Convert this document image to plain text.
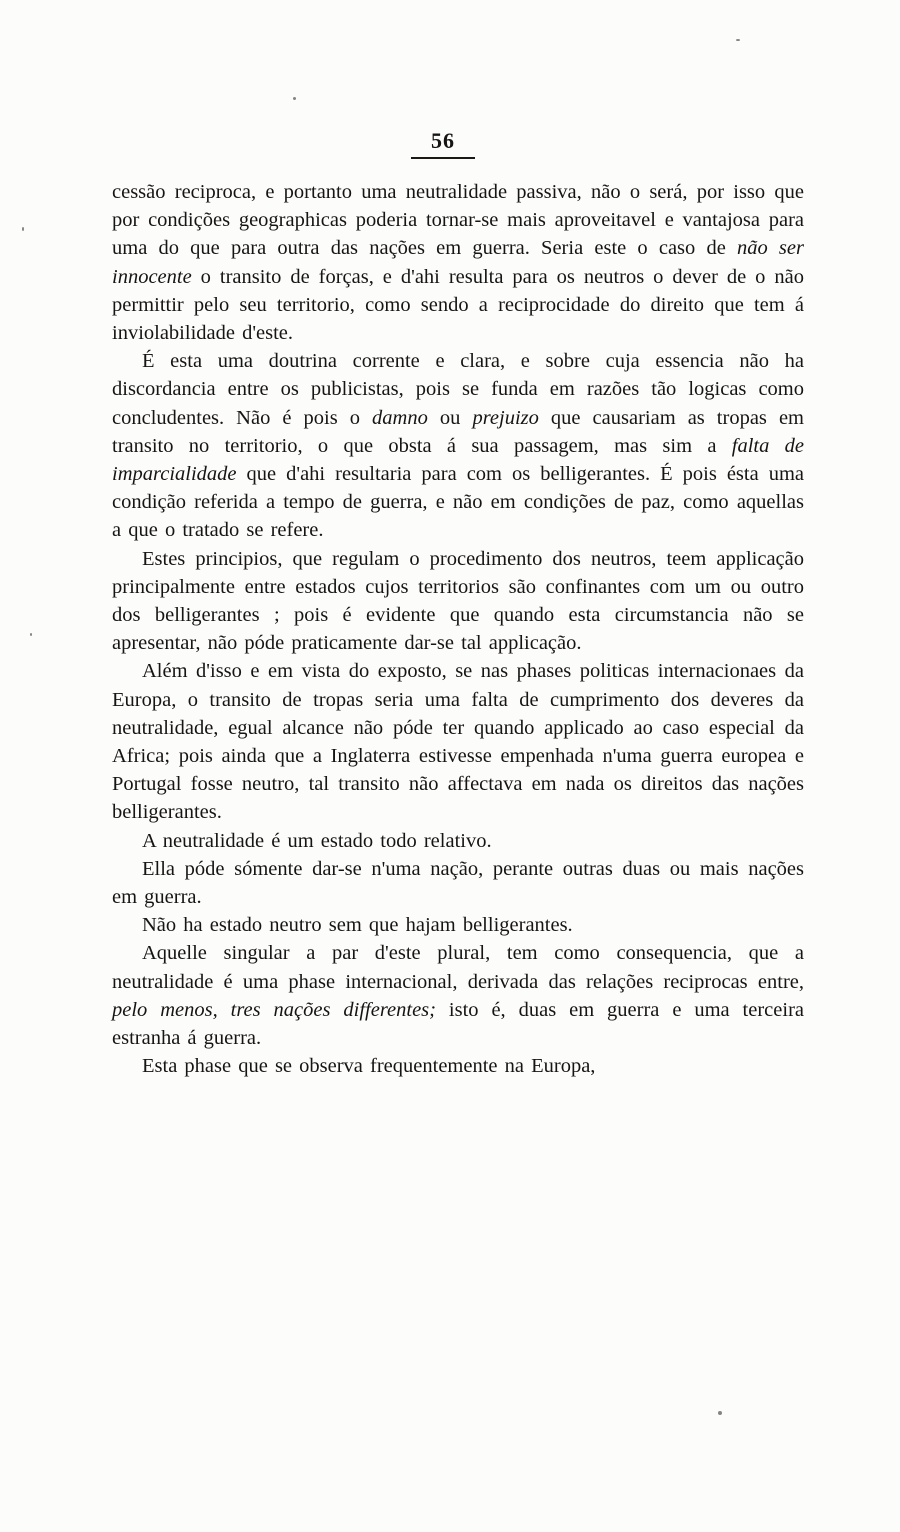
56

cessão reciproca, e portanto uma neutralidade passiva, não o será, por isso que por condições geographicas poderia tornar-se mais aproveitavel e vantajosa para uma do que para outra das nações em guerra. Seria este o caso de não ser innocente o transito de forças, e d'ahi resulta para os neutros o dever de o não permittir pelo seu territorio, como sendo a reciprocidade do direito que tem á inviolabilidade d'este.

É esta uma doutrina corrente e clara, e sobre cuja essencia não ha discordancia entre os publicistas, pois se funda em razões tão logicas como concludentes. Não é pois o damno ou prejuizo que causariam as tropas em transito no territorio, o que obsta á sua passagem, mas sim a falta de imparcialidade que d'ahi resultaria para com os belligerantes. É pois ésta uma condição referida a tempo de guerra, e não em condições de paz, como aquellas a que o tratado se refere.

Estes principios, que regulam o procedimento dos neutros, teem applicação principalmente entre estados cujos territorios são confinantes com um ou outro dos belligerantes ; pois é evidente que quando esta circumstancia não se apresentar, não póde praticamente dar-se tal applicação.

Além d'isso e em vista do exposto, se nas phases politicas internacionaes da Europa, o transito de tropas seria uma falta de cumprimento dos deveres da neutralidade, egual alcance não póde ter quando applicado ao caso especial da Africa; pois ainda que a Inglaterra estivesse empenhada n'uma guerra europea e Portugal fosse neutro, tal transito não affectava em nada os direitos das nações belligerantes.

A neutralidade é um estado todo relativo.

Ella póde sómente dar-se n'uma nação, perante outras duas ou mais nações em guerra.

Não ha estado neutro sem que hajam belligerantes.

Aquelle singular a par d'este plural, tem como consequencia, que a neutralidade é uma phase internacional, derivada das relações reciprocas entre, pelo menos, tres nações differentes; isto é, duas em guerra e uma terceira estranha á guerra.

Esta phase que se observa frequentemente na Europa,
